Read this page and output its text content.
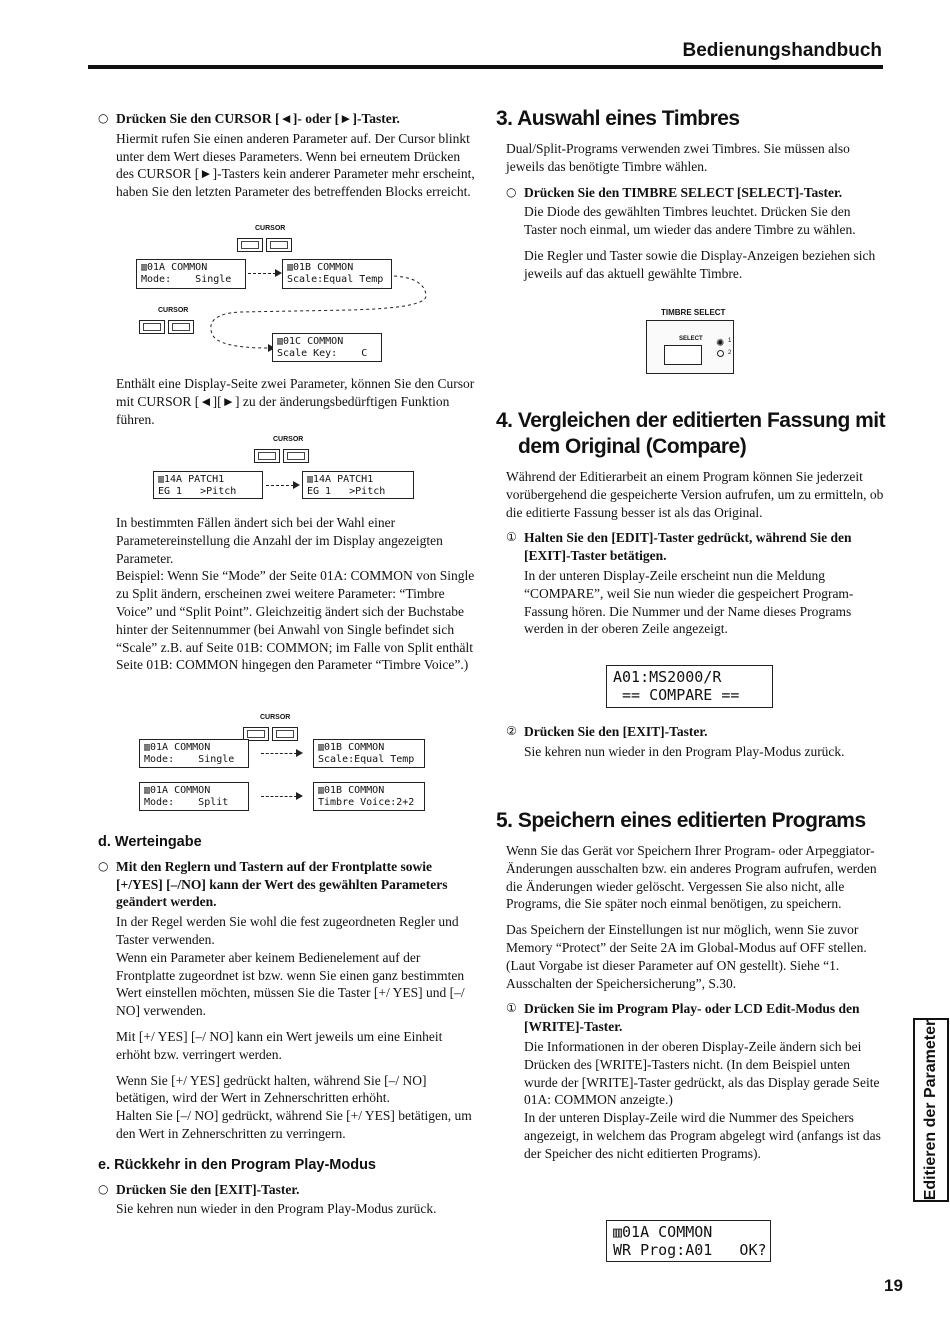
Bedienungshandbuch
○ Drücken Sie den CURSOR [◄]- oder [►]-Taster.
Hiermit rufen Sie einen anderen Parameter auf. Der Cursor blinkt unter dem Wert dieses Parameters. Wenn bei erneutem Drücken des CURSOR [►]-Tasters kein anderer Parameter mehr erscheint, haben Sie den letzten Parameter des betreffenden Blocks erreicht.
CURSOR
▥01A COMMON
Mode:    Single
▥01B COMMON
Scale:Equal Temp
CURSOR
▥01C COMMON
Scale Key:    C
Enthält eine Display-Seite zwei Parameter, können Sie den Cursor mit CURSOR [◄][►] zu der änderungsbedürftigen Funktion führen.
CURSOR
▥14A PATCH1
EG 1   >Pitch
▥14A PATCH1
EG 1   >Pitch
In bestimmten Fällen ändert sich bei der Wahl einer Parametereinstellung die Anzahl der im Display angezeigten Parameter.
Beispiel: Wenn Sie “Mode” der Seite 01A: COMMON von Single zu Split ändern, erscheinen zwei weitere Parameter: “Timbre Voice” und “Split Point”. Gleichzeitig ändert sich der Buchstabe hinter der Seitennummer (bei Anwahl von Single befindet sich “Scale” z.B. auf Seite 01B: COMMON; im Falle von Split enthält Seite 01B: COMMON hingegen den Parameter “Timbre Voice”.)
CURSOR
▥01A COMMON
Mode:    Single
▥01B COMMON
Scale:Equal Temp
▥01A COMMON
Mode:    Split
▥01B COMMON
Timbre Voice:2+2
d. Werteingabe
○ Mit den Reglern und Tastern auf der Frontplatte sowie [+/YES] [–/NO] kann der Wert des gewählten Parameters geändert werden.
In der Regel werden Sie wohl die fest zugeordneten Regler und Taster verwenden.
Wenn ein Parameter aber keinem Bedienelement auf der Frontplatte zugeordnet ist bzw. wenn Sie einen ganz bestimmten Wert einstellen möchten, müssen Sie die Taster [+/ YES] und [–/ NO] verwenden.
Mit [+/ YES] [–/ NO] kann ein Wert jeweils um eine Einheit erhöht bzw. verringert werden.
Wenn Sie [+/ YES] gedrückt halten, während Sie [–/ NO] betätigen, wird der Wert in Zehnerschritten erhöht.
Halten Sie [–/ NO] gedrückt, während Sie [+/ YES] betätigen, um den Wert in Zehnerschritten zu verringern.
e. Rückkehr in den Program Play-Modus
○ Drücken Sie den [EXIT]-Taster.
Sie kehren nun wieder in den Program Play-Modus zurück.
3. Auswahl eines Timbres
Dual/Split-Programs verwenden zwei Timbres. Sie müssen also jeweils das benötigte Timbre wählen.
○ Drücken Sie den TIMBRE SELECT [SELECT]-Taster.
Die Diode des gewählten Timbres leuchtet. Drücken Sie den Taster noch einmal, um wieder das andere Timbre zu wählen.
Die Regler und Taster sowie die Display-Anzeigen beziehen sich jeweils auf das aktuell gewählte Timbre.
TIMBRE SELECT
SELECT ✺ 1
2
4. Vergleichen der editierten Fassung mit dem Original (Compare)
Während der Editierarbeit an einem Program können Sie jederzeit vorübergehend die gespeicherte Version aufrufen, um zu ermitteln, ob die editierte Fassung besser ist als das Original.
① Halten Sie den [EDIT]-Taster gedrückt, während Sie den [EXIT]-Taster betätigen.
In der unteren Display-Zeile erscheint nun die Meldung “COMPARE”, weil Sie nun wieder die gespeichert Program-Fassung hören. Die Nummer und der Name dieses Programs werden in der oberen Zeile angezeigt.
A01:MS2000/R
== COMPARE ==
② Drücken Sie den [EXIT]-Taster.
Sie kehren nun wieder in den Program Play-Modus zurück.
5. Speichern eines editierten Programs
Wenn Sie das Gerät vor Speichern Ihrer Program- oder Arpeggiator-Änderungen ausschalten bzw. ein anderes Program aufrufen, werden die Änderungen wieder gelöscht. Vergessen Sie also nicht, alle Programs, die Sie später noch einmal benötigen, zu speichern.
Das Speichern der Einstellungen ist nur möglich, wenn Sie zuvor Memory “Protect” der Seite 2A im Global-Modus auf OFF stellen. (Laut Vorgabe ist dieser Parameter auf ON gestellt). Siehe “1. Ausschalten der Speichersicherung”, S.30.
① Drücken Sie im Program Play- oder LCD Edit-Modus den [WRITE]-Taster.
Die Informationen in der oberen Display-Zeile ändern sich bei Drücken des [WRITE]-Tasters nicht. (In dem Beispiel unten wurde der [WRITE]-Taster gedrückt, als das Display gerade Seite 01A: COMMON anzeigte.)
In der unteren Display-Zeile wird die Nummer des Speichers angezeigt, in welchem das Program abgelegt wird (anfangs ist das der Speicher des nicht editierten Programs).
▥01A COMMON
WR Prog:A01   OK?
Editieren der Parameter
19
